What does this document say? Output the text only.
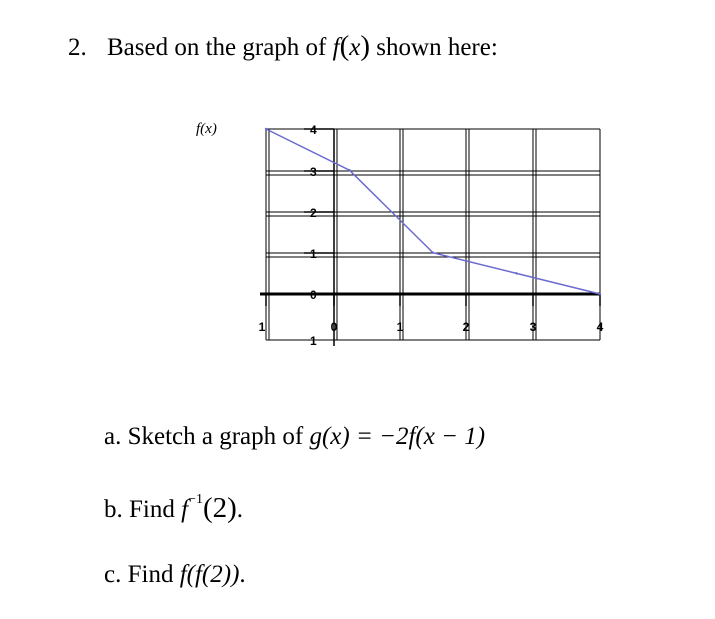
2. Based on the graph of f(x) shown here:
f(x)	4
3
2
1
0
1
1	0	1	2	3	4
a. Sketch a graph of g(x) = −2f(x − 1)
b. Find $f^{-1}(2)$.
c. Find f(f(2)).
